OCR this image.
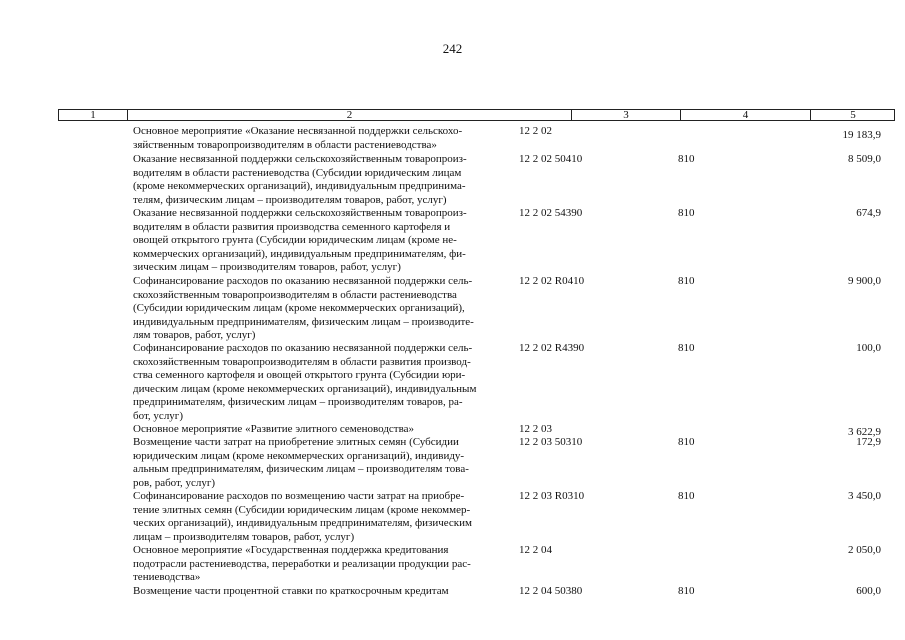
242
1	2	3	4	5
Основное мероприятие «Оказание несвязанной поддержки сельскохо-
зяйственным товаропроизводителям в области растениеводства»
12 2 02	19 183,9
Оказание несвязанной поддержки сельскохозяйственным товаропроиз-
водителям в области растениеводства (Субсидии юридическим лицам
(кроме некоммерческих организаций), индивидуальным предпринима-
телям, физическим лицам – производителям товаров, работ, услуг)
12 2 02 50410	810	8 509,0
Оказание несвязанной поддержки сельскохозяйственным товаропроиз-
водителям в области развития производства семенного картофеля и
овощей открытого грунта (Субсидии юридическим лицам (кроме не-
коммерческих организаций), индивидуальным предпринимателям, фи-
зическим лицам – производителям товаров, работ, услуг)
12 2 02 54390	810	674,9
Софинансирование расходов по оказанию несвязанной поддержки сель-
скохозяйственным товаропроизводителям в области растениеводства
(Субсидии юридическим лицам (кроме некоммерческих организаций),
индивидуальным предпринимателям, физическим лицам – производите-
лям товаров, работ, услуг)
12 2 02 R0410	810	9 900,0
Софинансирование расходов по оказанию несвязанной поддержки сель-
скохозяйственным товаропроизводителям в области развития производ-
ства семенного картофеля и овощей открытого грунта (Субсидии юри-
дическим лицам (кроме некоммерческих организаций), индивидуальным
предпринимателям, физическим лицам – производителям товаров, ра-
бот, услуг)
12 2 02 R4390	810	100,0
Основное мероприятие «Развитие элитного семеноводства»	12 2 03	3 622,9
Возмещение части затрат на приобретение элитных семян (Субсидии
юридическим лицам (кроме некоммерческих организаций), индивиду-
альным предпринимателям, физическим лицам – производителям това-
ров, работ, услуг)
12 2 03 50310	810	172,9
Софинансирование расходов по возмещению части затрат на приобре-
тение элитных семян (Субсидии юридическим лицам (кроме некоммер-
ческих организаций), индивидуальным предпринимателям, физическим
лицам – производителям товаров, работ, услуг)
12 2 03 R0310	810	3 450,0
Основное мероприятие «Государственная поддержка кредитования
подотрасли растениеводства, переработки и реализации продукции рас-
тениеводства»
12 2 04	2 050,0
Возмещение части процентной ставки по краткосрочным кредитам	12 2 04 50380	810	600,0
